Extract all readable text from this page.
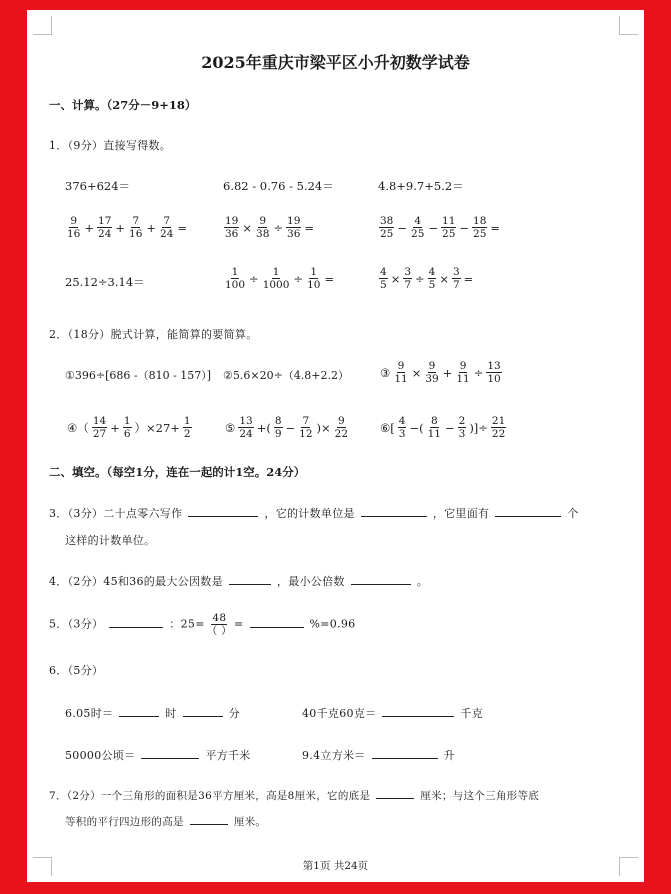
2025年重庆市梁平区小升初数学试卷
一、计算。（27分－9+18）
1．（9分）直接写得数。
376+624＝	6.82 - 0.76 - 5.24＝	4.8+9.7+5.2＝
$\frac{9}{16} + \frac{17}{24} + \frac{7}{16} + \frac{7}{24}$ =	$\frac{19}{36} \times \frac{9}{38} \div \frac{19}{36}$ =	$\frac{38}{25} - \frac{4}{25} - \frac{11}{25} - \frac{18}{25}$ =
25.12÷3.14＝	$\frac{1}{100} \div \frac{1}{1000} \div \frac{1}{10}$ =	$\frac{4}{5} \times \frac{3}{7} \div \frac{4}{5} \times \frac{3}{7}$ =
2．（18分）脱式计算，能简算的要简算。
①396÷[686 -（810 - 157）] ②5.6×20÷（4.8+2.2）	③ $\frac{9}{11} \times \frac{9}{39} + \frac{9}{11} \div \frac{13}{10}$
④（ $\frac{14}{27} + \frac{1}{6} )\times 27+ \frac{1}{2}$	⑤ $\frac{13}{24}$ +( $\frac{8}{9} - \frac{7}{12}$ )× $\frac{9}{22}$	⑥[ $\frac{4}{3}$ −( $\frac{8}{11} - \frac{2}{3}$ )]÷ $\frac{21}{22}$
二、填空。（每空1分，连在一起的计1空。24分）
3．（3分）二十点零六写作	，它的计数单位是	，它里面有	个
这样的计数单位。
4．（2分）45和36的最大公因数是	，最小公倍数	。
5．（3分）	：$25= \frac{48}{( )}$ =	%=0.96
6．（5分）
6.05时＝	时	分	40千克60克＝	千克
50000公顷＝	平方千米	9.4立方米＝	升
7．（2分）一个三角形的面积是36平方厘米，高是8厘米，它的底是	厘米；与这个三角形等底
等积的平行四边形的高是	厘米。
第1页 共24页
